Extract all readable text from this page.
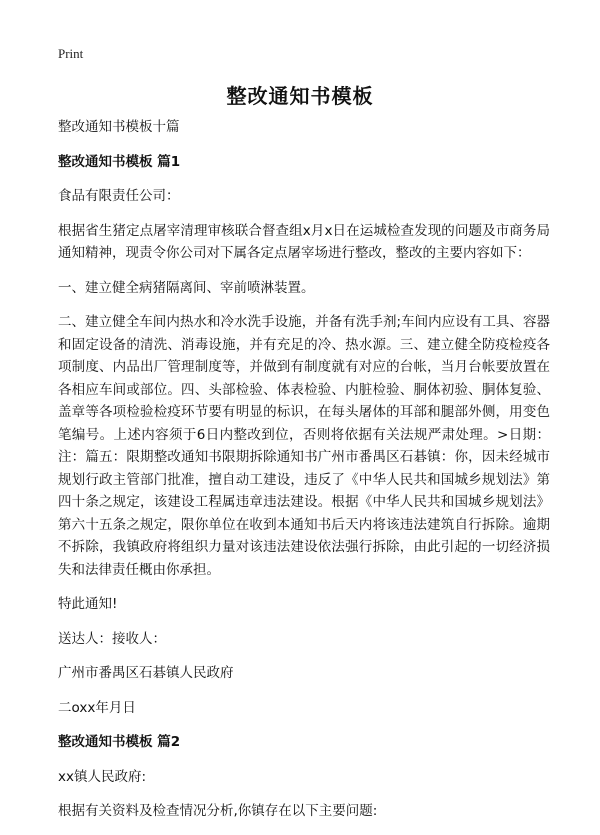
Print
整改通知书模板

整改通知书模板十篇

整改通知书模板 篇1

食品有限责任公司：

根据省生猪定点屠宰清理审核联合督查组x月x日在运城检查发现的问题及市商务局通知精神，现责令你公司对下属各定点屠宰场进行整改，整改的主要内容如下：

一、建立健全病猪隔离间、宰前喷淋装置。

二、建立健全车间内热水和冷水洗手设施，并备有洗手剂;车间内应设有工具、容器和固定设备的清洗、消毒设施，并有充足的冷、热水源。三、建立健全防疫检疫各项制度、内品出厂管理制度等，并做到有制度就有对应的台帐，当月台帐要放置在各相应车间或部位。四、头部检验、体表检验、内脏检验、胴体初验、胴体复验、盖章等各项检验检疫环节要有明显的标识，在每头屠体的耳部和腿部外侧，用变色笔编号。上述内容须于6日内整改到位，否则将依据有关法规严肃处理。>日期：注：篇五：限期整改通知书限期拆除通知书广州市番禺区石碁镇：你，因未经城市规划行政主管部门批准，擅自动工建设，违反了《中华人民共和国城乡规划法》第四十条之规定，该建设工程属违章违法建设。根据《中华人民共和国城乡规划法》第六十五条之规定，限你单位在收到本通知书后天内将该违法建筑自行拆除。逾期不拆除，我镇政府将组织力量对该违法建设依法强行拆除，由此引起的一切经济损失和法律责任概由你承担。

特此通知!

送达人：接收人：

广州市番禺区石碁镇人民政府

二oxx年月日

整改通知书模板 篇2

xx镇人民政府:

根据有关资料及检查情况分析,你镇存在以下主要问题:
